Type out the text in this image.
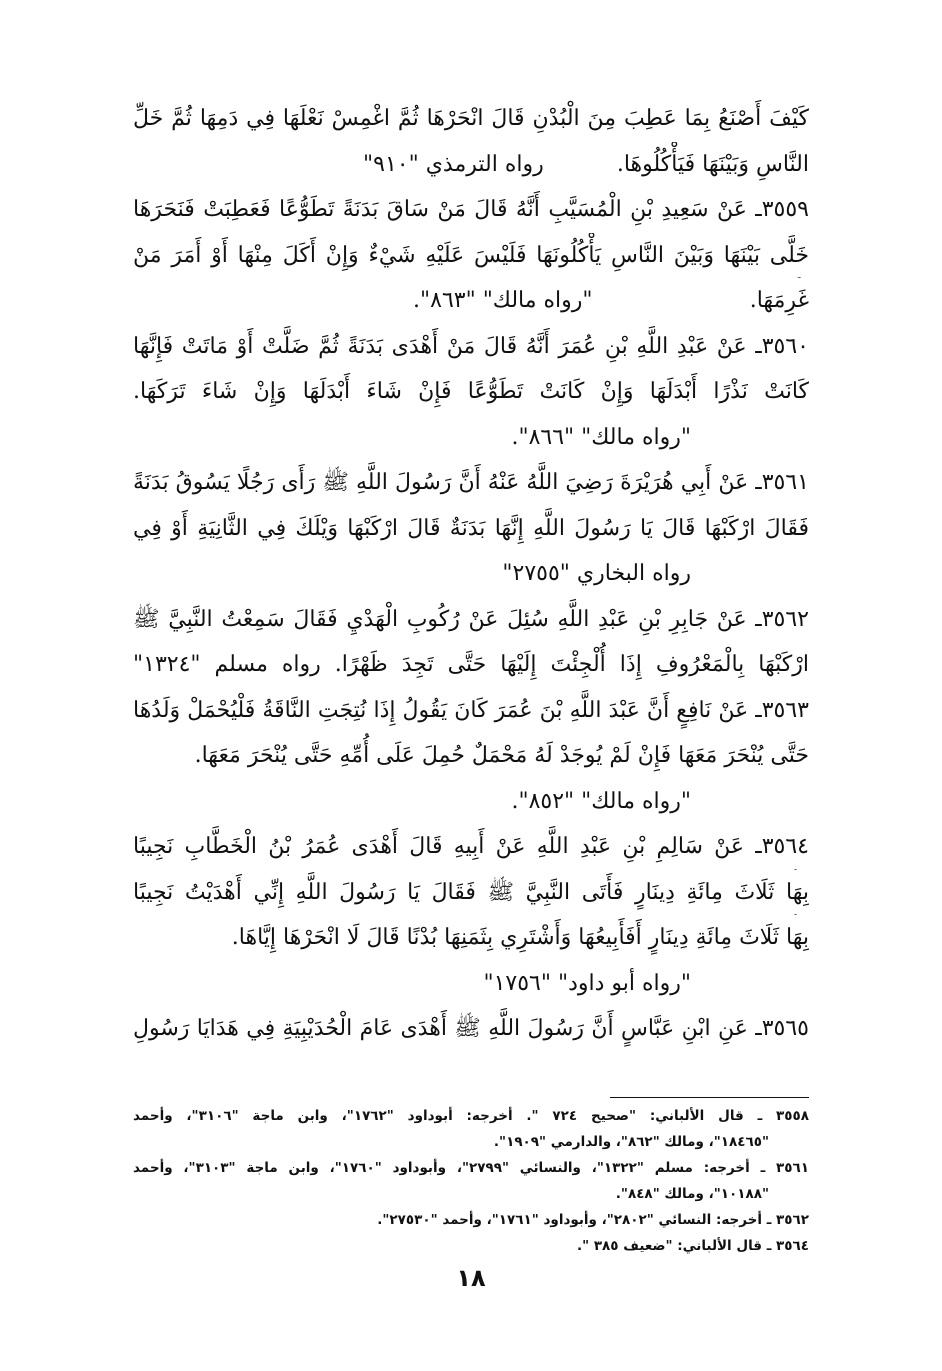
كَيْفَ أَصْنَعُ بِمَا عَطِبَ مِنَ الْبُدْنِ قَالَ انْحَرْهَا ثُمَّ اغْمِسْ نَعْلَهَا فِي دَمِهَا ثُمَّ خَلِّ
النَّاسِ وَبَيْنَهَا فَيَأْكُلُوهَا.
رواه الترمذي "٩١٠"
٣٥٥٩ـ عَنْ سَعِيدِ بْنِ الْمُسَيَّبِ أَنَّهُ قَالَ مَنْ سَاقَ بَدَنَةً تَطَوُّعًا فَعَطِبَتْ فَنَحَرَهَا
خَلَّى بَيْنَهَا وَبَيْنَ النَّاسِ يَأْكُلُونَهَا فَلَيْسَ عَلَيْهِ شَيْءٌ وَإِنْ أَكَلَ مِنْهَا أَوْ أَمَرَ مَنْ
غَرِمَهَا.
"رواه مالك" "٨٦٣".
٣٥٦٠ـ عَنْ عَبْدِ اللَّهِ بْنِ عُمَرَ أَنَّهُ قَالَ مَنْ أَهْدَى بَدَنَةً ثُمَّ ضَلَّتْ أَوْ مَاتَتْ فَإِنَّهَا
كَانَتْ نَذْرًا أَبْدَلَهَا وَإِنْ كَانَتْ تَطَوُّعًا فَإِنْ شَاءَ أَبْدَلَهَا وَإِنْ شَاءَ تَرَكَهَا.
"رواه مالك" "٨٦٦".
٣٥٦١ـ عَنْ أَبِي هُرَيْرَةَ رَضِيَ اللَّهُ عَنْهُ أَنَّ رَسُولَ اللَّهِ ﷺ رَأَى رَجُلًا يَسُوقُ بَدَنَةً
فَقَالَ ارْكَبْهَا قَالَ يَا رَسُولَ اللَّهِ إِنَّهَا بَدَنَةٌ قَالَ ارْكَبْهَا وَيْلَكَ فِي الثَّانِيَةِ أَوْ فِي
رواه البخاري "٢٧٥٥"
٣٥٦٢ـ عَنْ جَابِرِ بْنِ عَبْدِ اللَّهِ سُئِلَ عَنْ رُكُوبِ الْهَدْيِ فَقَالَ سَمِعْتُ النَّبِيَّ ﷺ
ارْكَبْهَا بِالْمَعْرُوفِ إِذَا أُلْجِئْتَ إِلَيْهَا حَتَّى تَجِدَ ظَهْرًا. رواه مسلم "١٣٢٤"
٣٥٦٣ـ عَنْ نَافِعٍ أَنَّ عَبْدَ اللَّهِ بْنَ عُمَرَ كَانَ يَقُولُ إِذَا نُتِجَتِ النَّاقَةُ فَلْيُحْمَلْ وَلَدُهَا
حَتَّى يُنْحَرَ مَعَهَا فَإِنْ لَمْ يُوجَدْ لَهُ مَحْمَلٌ حُمِلَ عَلَى أُمِّهِ حَتَّى يُنْحَرَ مَعَهَا.
"رواه مالك" "٨٥٢".
٣٥٦٤ـ عَنْ سَالِمِ بْنِ عَبْدِ اللَّهِ عَنْ أَبِيهِ قَالَ أَهْدَى عُمَرُ بْنُ الْخَطَّابِ نَجِيبًا
بِهَا ثَلَاثَ مِائَةِ دِينَارٍ فَأَتَى النَّبِيَّ ﷺ فَقَالَ يَا رَسُولَ اللَّهِ إِنِّي أَهْدَيْتُ نَجِيبًا
بِهَا ثَلَاثَ مِائَةِ دِينَارٍ أَفَأَبِيعُهَا وَأَشْتَرِي بِثَمَنِهَا بُدْنًا قَالَ لَا انْحَرْهَا إِيَّاهَا.
"رواه أبو داود" "١٧٥٦"
٣٥٦٥ـ عَنِ ابْنِ عَبَّاسٍ أَنَّ رَسُولَ اللَّهِ ﷺ أَهْدَى عَامَ الْحُدَيْبِيَةِ فِي هَدَايَا رَسُولِ
٣٥٥٨ ـ قال الألباني: "صحيح ٧٢٤ ". أخرجه: أبوداود "١٧٦٢"، وابن ماجة "٣١٠٦"، وأحمد
"١٨٤٦٥"، ومالك "٨٦٢"، والدارمي "١٩٠٩".
٣٥٦١ ـ أخرجه: مسلم "١٣٢٢"، والنسائي "٢٧٩٩"، وأبوداود "١٧٦٠"، وابن ماجة "٣١٠٣"، وأحمد
"١٠١٨٨"، ومالك "٨٤٨".
٣٥٦٢ ـ أخرجه: النسائي "٢٨٠٢"، وأبوداود "١٧٦١"، وأحمد "٢٧٥٣٠".
٣٥٦٤ ـ قال الألباني: "ضعيف ٣٨٥ ".
١٨
